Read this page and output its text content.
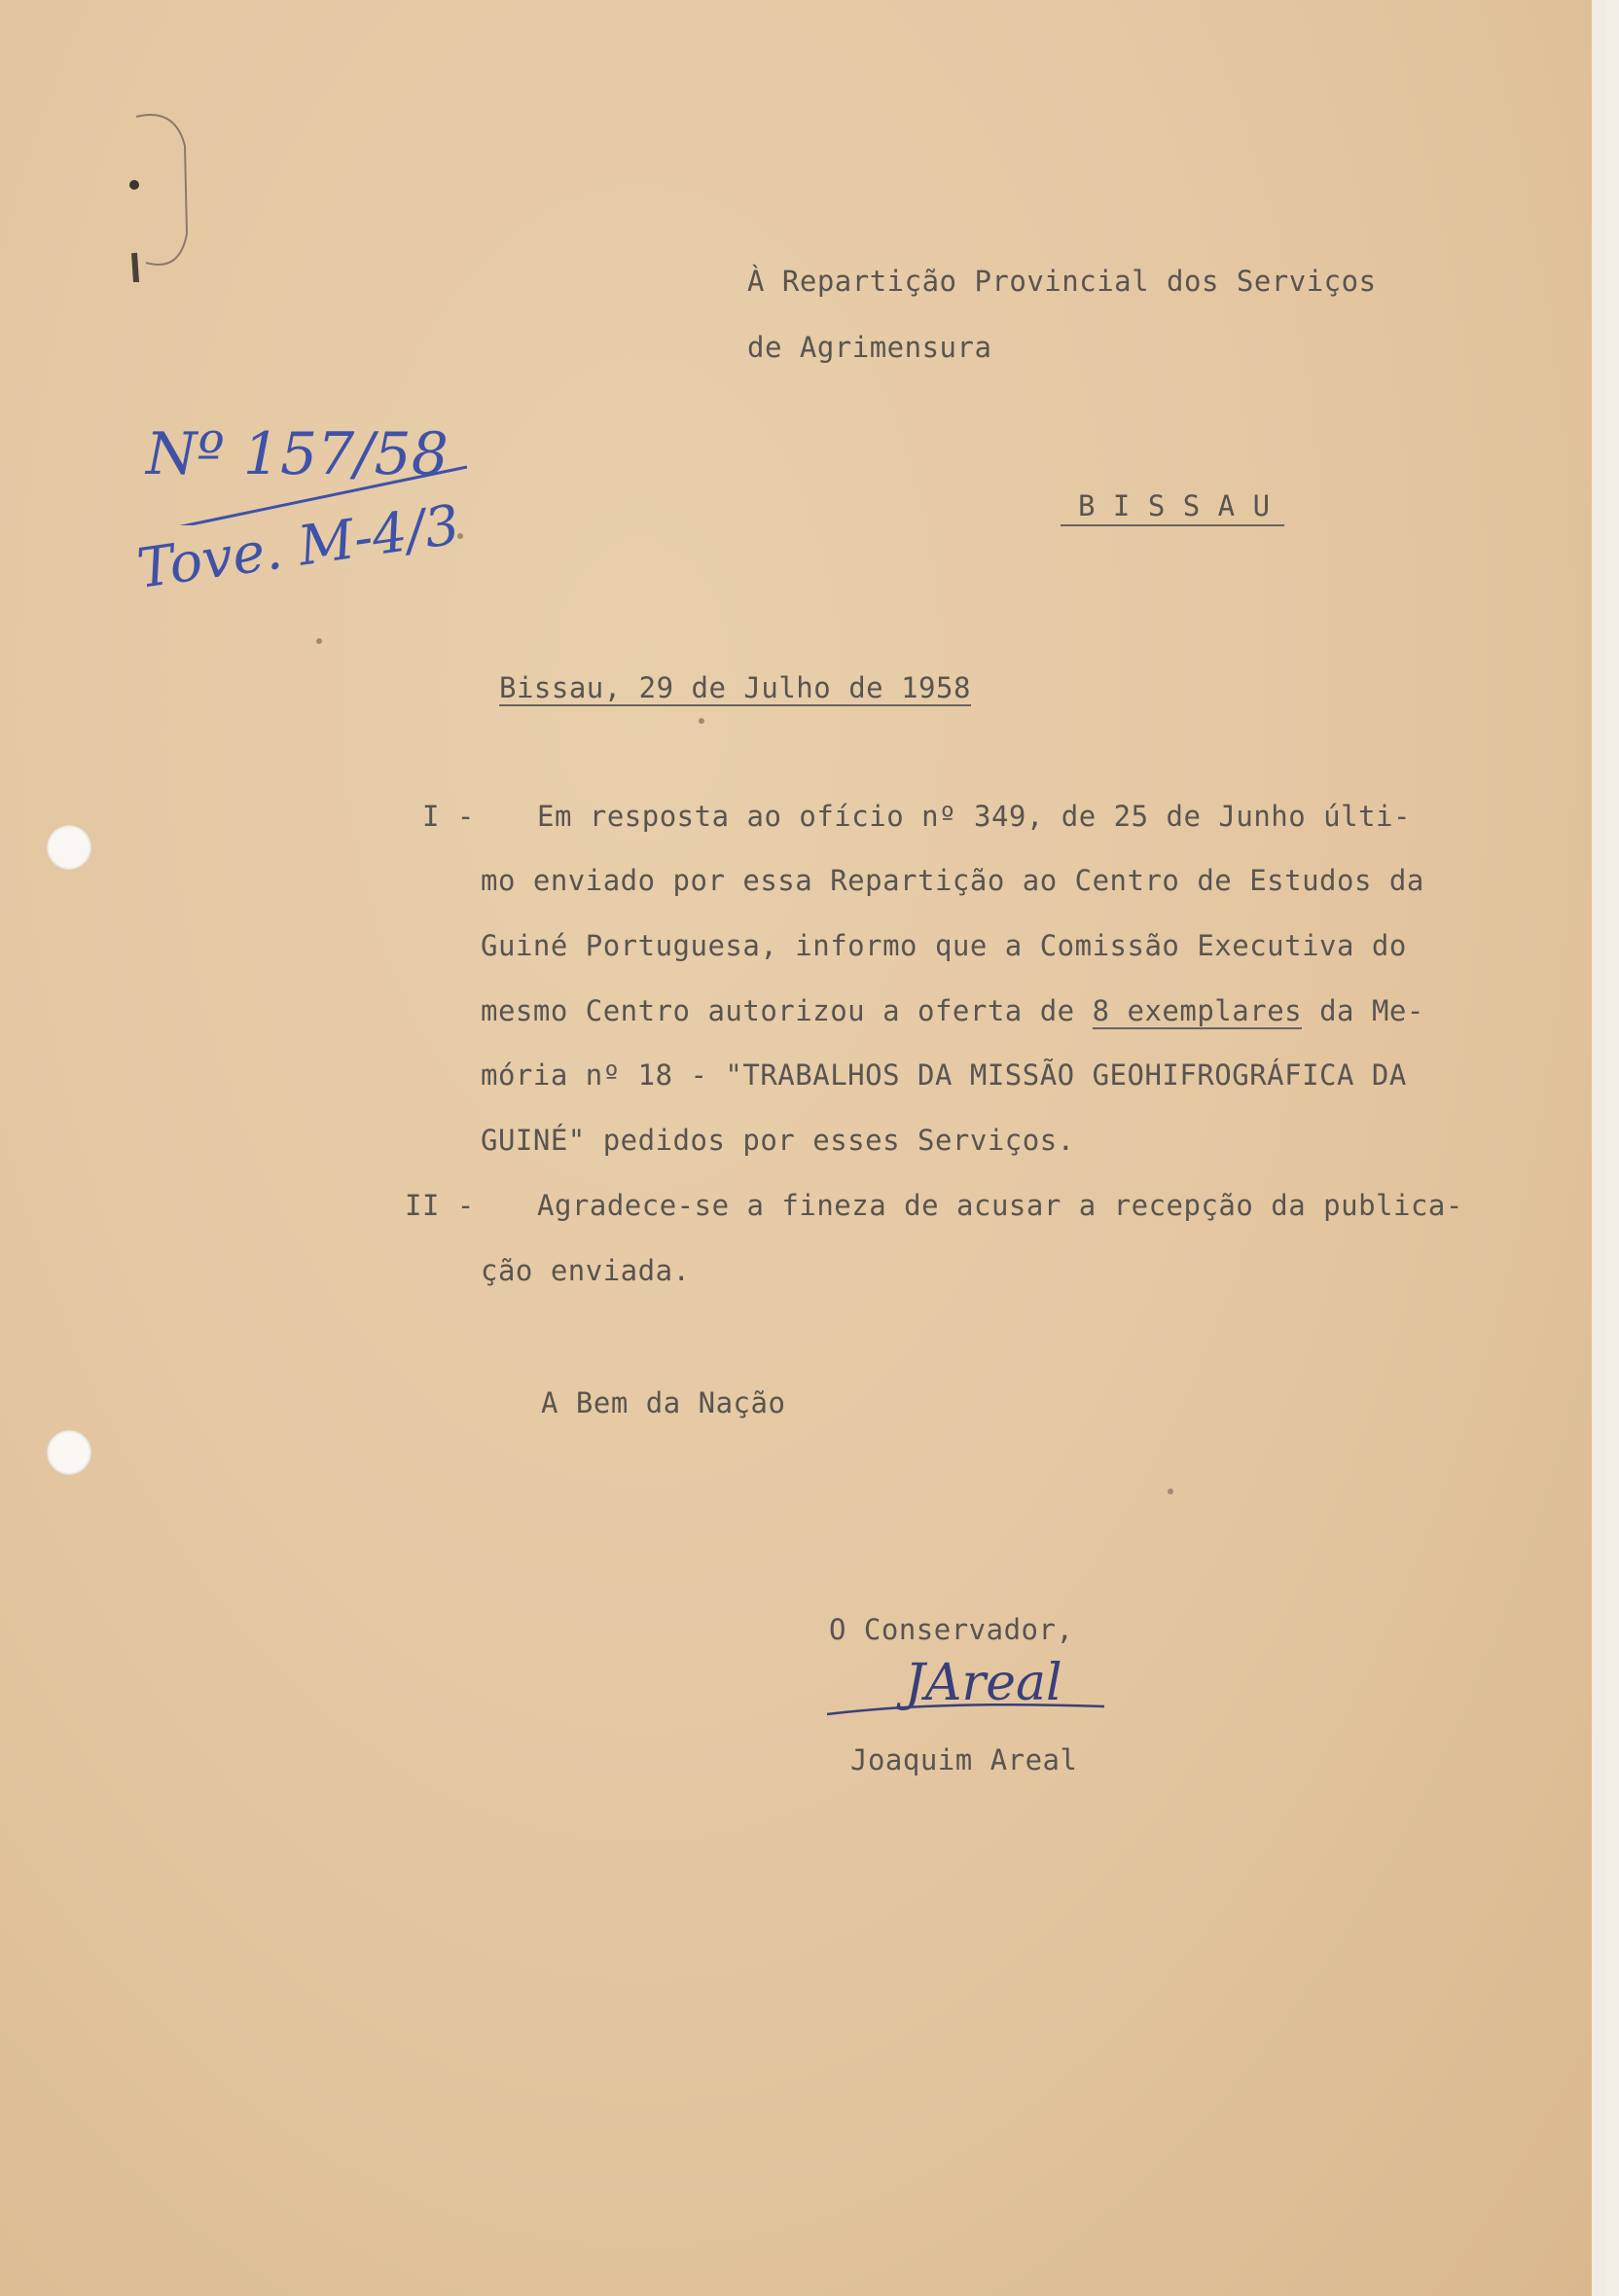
À Repartição Provincial dos Serviços
de Agrimensura
B I S S A U
Nº 157/58
Tove. M-4/3
Bissau, 29 de Julho de 1958
I - Em resposta ao ofício nº 349, de 25 de Junho últi-
mo enviado por essa Repartição ao Centro de Estudos da
Guiné Portuguesa, informo que a Comissão Executiva do
mesmo Centro autorizou a oferta de 8 exemplares da Me-
mória nº 18 - "TRABALHOS DA MISSÃO GEOHIFROGRÁFICA DA
GUINÉ" pedidos por esses Serviços.
II - Agradece-se a fineza de acusar a recepção da publica-
ção enviada.
A Bem da Nação
O Conservador,
JAreal
Joaquim Areal
